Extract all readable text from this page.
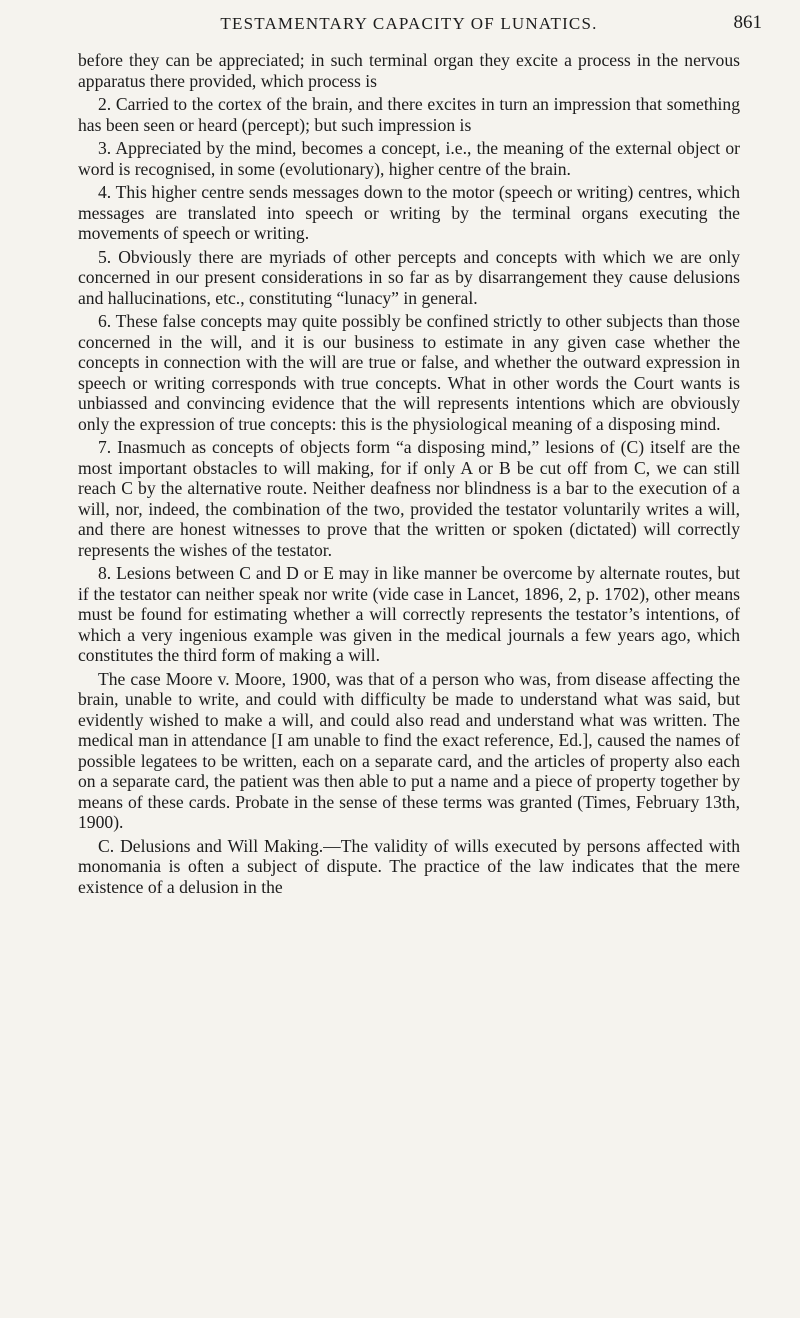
TESTAMENTARY CAPACITY OF LUNATICS.	861

before they can be appreciated; in such terminal organ they excite a process in the nervous apparatus there provided, which process is

2. Carried to the cortex of the brain, and there excites in turn an impression that something has been seen or heard (percept); but such impression is

3. Appreciated by the mind, becomes a concept, i.e., the meaning of the external object or word is recognised, in some (evolutionary), higher centre of the brain.

4. This higher centre sends messages down to the motor (speech or writing) centres, which messages are translated into speech or writing by the terminal organs executing the movements of speech or writing.

5. Obviously there are myriads of other percepts and concepts with which we are only concerned in our present considerations in so far as by disarrangement they cause delusions and hallucinations, etc., constituting “lunacy” in general.

6. These false concepts may quite possibly be confined strictly to other subjects than those concerned in the will, and it is our business to estimate in any given case whether the concepts in connection with the will are true or false, and whether the outward expression in speech or writing corresponds with true concepts. What in other words the Court wants is unbiassed and convincing evidence that the will represents intentions which are obviously only the expression of true concepts: this is the physiological meaning of a disposing mind.

7. Inasmuch as concepts of objects form “a disposing mind,” lesions of (C) itself are the most important obstacles to will making, for if only A or B be cut off from C, we can still reach C by the alternative route. Neither deafness nor blindness is a bar to the execution of a will, nor, indeed, the combination of the two, provided the testator voluntarily writes a will, and there are honest witnesses to prove that the written or spoken (dictated) will correctly represents the wishes of the testator.

8. Lesions between C and D or E may in like manner be overcome by alternate routes, but if the testator can neither speak nor write (vide case in Lancet, 1896, 2, p. 1702), other means must be found for estimating whether a will correctly represents the testator’s intentions, of which a very ingenious example was given in the medical journals a few years ago, which constitutes the third form of making a will.

The case Moore v. Moore, 1900, was that of a person who was, from disease affecting the brain, unable to write, and could with difficulty be made to understand what was said, but evidently wished to make a will, and could also read and understand what was written. The medical man in attendance [I am unable to find the exact reference, Ed.], caused the names of possible legatees to be written, each on a separate card, and the articles of property also each on a separate card, the patient was then able to put a name and a piece of property together by means of these cards. Probate in the sense of these terms was granted (Times, February 13th, 1900).

C. Delusions and Will Making.—The validity of wills executed by persons affected with monomania is often a subject of dispute. The practice of the law indicates that the mere existence of a delusion in the
